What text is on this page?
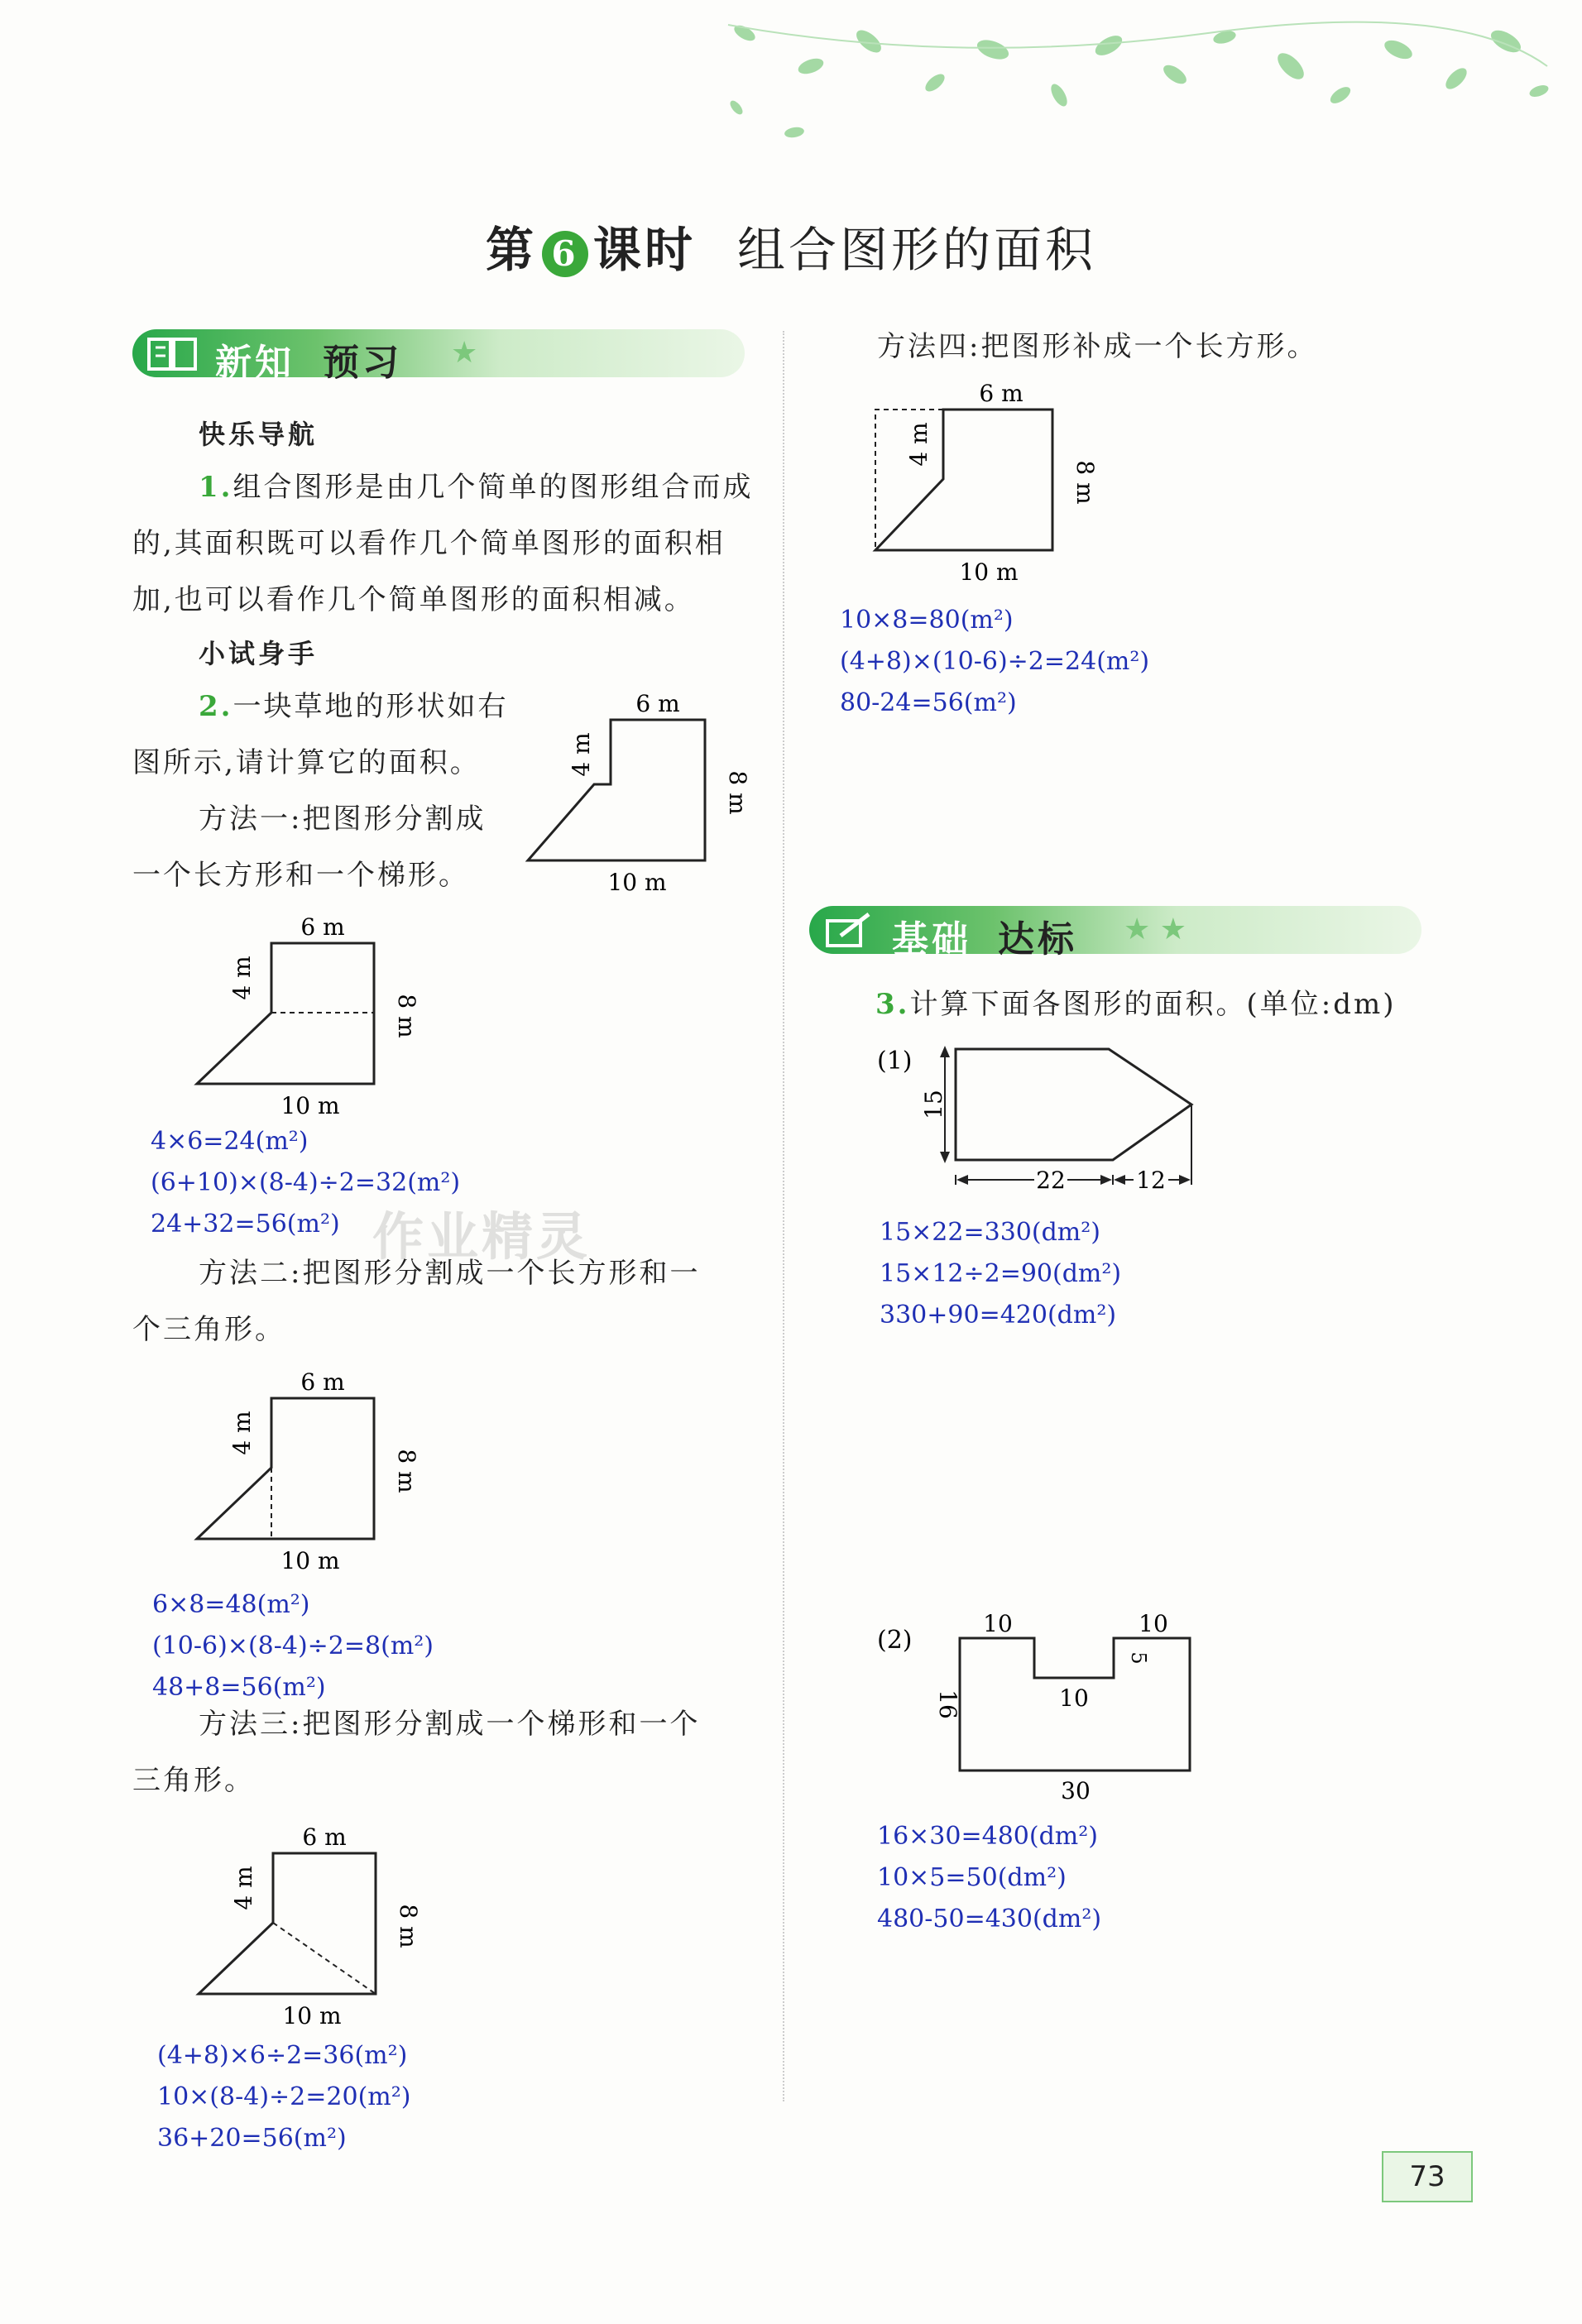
第 6 课时 组合图形的面积
新知 预习 ★
快乐导航
1.组合图形是由几个简单的图形组合而成
的,其面积既可以看作几个简单图形的面积相
加,也可以看作几个简单图形的面积相减。
小试身手
2.一块草地的形状如右
图所示,请计算它的面积。
方法一:把图形分割成
一个长方形和一个梯形。
6 m
4 m
8 m
10 m
6 m
4 m
8 m
10 m
4×6=24(m²)
(6+10)×(8-4)÷2=32(m²)
24+32=56(m²)
方法二:把图形分割成一个长方形和一
个三角形。
6 m
4 m
8 m
10 m
6×8=48(m²)
(10-6)×(8-4)÷2=8(m²)
48+8=56(m²)
方法三:把图形分割成一个梯形和一个
三角形。
6 m
4 m
8 m
10 m
(4+8)×6÷2=36(m²)
10×(8-4)÷2=20(m²)
36+20=56(m²)
作业精灵
方法四:把图形补成一个长方形。
6 m
4 m
8 m
10 m
10×8=80(m²)
(4+8)×(10-6)÷2=24(m²)
80-24=56(m²)
基础 达标 ★ ★
3.计算下面各图形的面积。(单位:dm)
(1)
15
22	12
15×22=330(dm²)
15×12÷2=90(dm²)
330+90=420(dm²)
(2)
10	10
5
10
16
30
16×30=480(dm²)
10×5=50(dm²)
480-50=430(dm²)
73
